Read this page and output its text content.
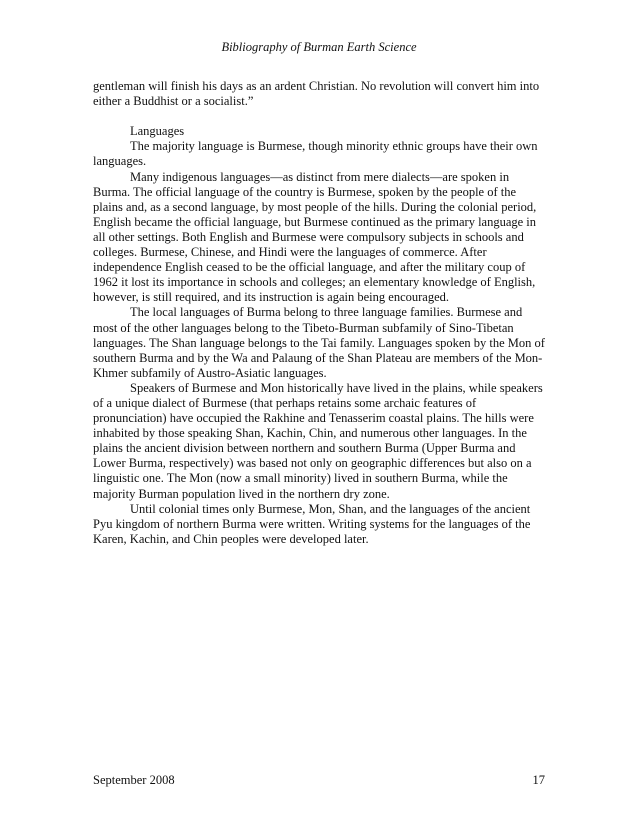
Bibliography of Burman Earth Science

gentleman will finish his days as an ardent Christian. No revolution will convert him into either a Buddhist or a socialist.”

Languages

The majority language is Burmese, though minority ethnic groups have their own languages.

Many indigenous languages—as distinct from mere dialects—are spoken in Burma. The official language of the country is Burmese, spoken by the people of the plains and, as a second language, by most people of the hills. During the colonial period, English became the official language, but Burmese continued as the primary language in all other settings. Both English and Burmese were compulsory subjects in schools and colleges. Burmese, Chinese, and Hindi were the languages of commerce. After independence English ceased to be the official language, and after the military coup of 1962 it lost its importance in schools and colleges; an elementary knowledge of English, however, is still required, and its instruction is again being encouraged.

The local languages of Burma belong to three language families. Burmese and most of the other languages belong to the Tibeto-Burman subfamily of Sino-Tibetan languages. The Shan language belongs to the Tai family. Languages spoken by the Mon of southern Burma and by the Wa and Palaung of the Shan Plateau are members of the Mon-Khmer subfamily of Austro-Asiatic languages.

Speakers of Burmese and Mon historically have lived in the plains, while speakers of a unique dialect of Burmese (that perhaps retains some archaic features of pronunciation) have occupied the Rakhine and Tenasserim coastal plains. The hills were inhabited by those speaking Shan, Kachin, Chin, and numerous other languages. In the plains the ancient division between northern and southern Burma (Upper Burma and Lower Burma, respectively) was based not only on geographic differences but also on a linguistic one. The Mon (now a small minority) lived in southern Burma, while the majority Burman population lived in the northern dry zone.

Until colonial times only Burmese, Mon, Shan, and the languages of the ancient Pyu kingdom of northern Burma were written. Writing systems for the languages of the Karen, Kachin, and Chin peoples were developed later.

September 2008	17
